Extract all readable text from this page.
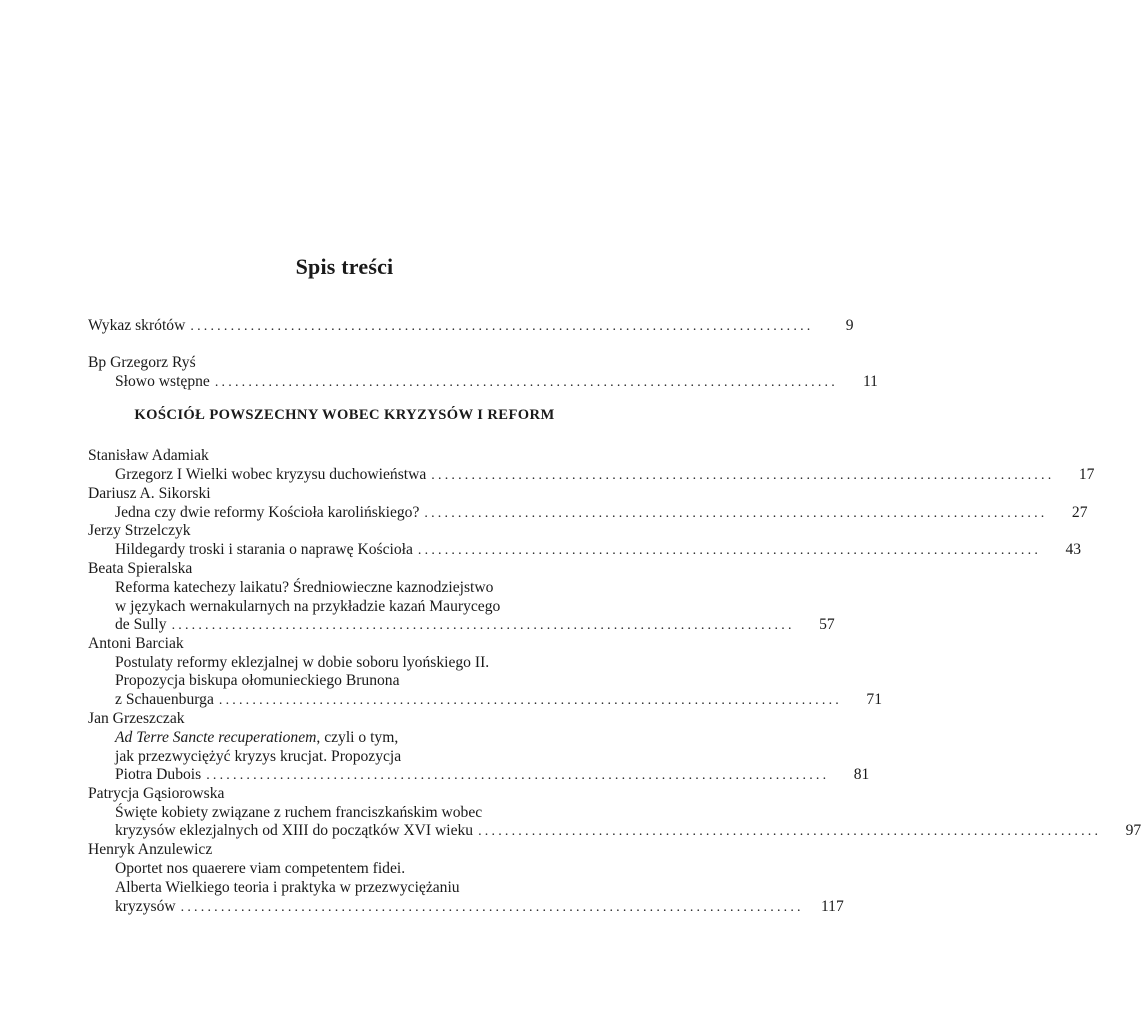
Spis treści
Wykaz skrótów .............................................................................................	9
Bp Grzegorz Ryś
Słowo wstępne .............................................................................................	11
KOŚCIÓŁ POWSZECHNY WOBEC KRYZYSÓW I REFORM
Stanisław Adamiak
Grzegorz I Wielki wobec kryzysu duchowieństwa .............................................................................................	17
Dariusz A. Sikorski
Jedna czy dwie reformy Kościoła karolińskiego? .............................................................................................	27
Jerzy Strzelczyk
Hildegardy troski i starania o naprawę Kościoła .............................................................................................	43
Beata Spieralska
Reforma katechezy laikatu? Średniowieczne kaznodziejstwo
w językach wernakularnych na przykładzie kazań Maurycego
de Sully .............................................................................................	57
Antoni Barciak
Postulaty reformy eklezjalnej w dobie soboru lyońskiego II.
Propozycja biskupa ołomunieckiego Brunona
z Schauenburga .............................................................................................	71
Jan Grzeszczak
Ad Terre Sancte recuperationem, czyli o tym,
jak przezwyciężyć kryzys krucjat. Propozycja
Piotra Dubois .............................................................................................	81
Patrycja Gąsiorowska
Święte kobiety związane z ruchem franciszkańskim wobec
kryzysów eklezjalnych od XIII do początków XVI wieku .............................................................................................	97
Henryk Anzulewicz
Oportet nos quaerere viam competentem fidei.
Alberta Wielkiego teoria i praktyka w przezwyciężaniu
kryzysów .............................................................................................	117
